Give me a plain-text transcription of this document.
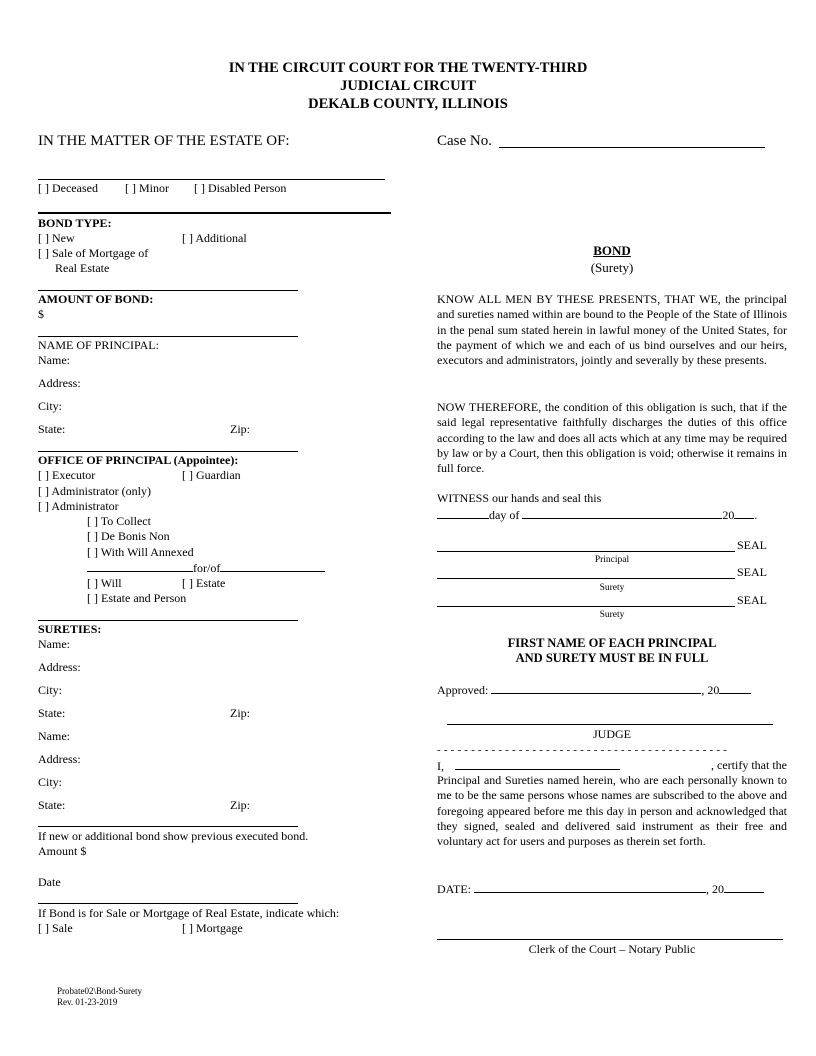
IN THE CIRCUIT COURT FOR THE TWENTY-THIRD
JUDICIAL CIRCUIT
DEKALB COUNTY, ILLINOIS
IN THE MATTER OF THE ESTATE OF:	Case No.
[ ] Deceased [ ] Minor [ ] Disabled Person
BOND TYPE:
[ ] New	[ ] Additional
[ ] Sale of Mortgage of
Real Estate
AMOUNT OF BOND:
$
NAME OF PRINCIPAL:
Name:
Address:
City:
State:	Zip:
OFFICE OF PRINCIPAL (Appointee):
[ ] Executor	[ ] Guardian
[ ] Administrator (only)
[ ] Administrator
[ ] To Collect
[ ] De Bonis Non
[ ] With Will Annexed
for/of
[ ] Will	[ ] Estate
[ ] Estate and Person
SURETIES:
Name:
Address:
City:
State:	Zip:
Name:
Address:
City:
State:	Zip:
If new or additional bond show previous executed bond.
Amount $
Date
If Bond is for Sale or Mortgage of Real Estate, indicate which:
[ ] Sale	[ ] Mortgage
Probate02\Bond-Surety
Rev. 01-23-2019
BOND
(Surety)
KNOW ALL MEN BY THESE PRESENTS, THAT WE, the principal and sureties named within are bound to the People of the State of Illinois in the penal sum stated herein in lawful money of the United States, for the payment of which we and each of us bind ourselves and our heirs, executors and administrators, jointly and severally by these presents.
NOW THEREFORE, the condition of this obligation is such, that if the said legal representative faithfully discharges the duties of this office according to the law and does all acts which at any time may be required by law or by a Court, then this obligation is void; otherwise it remains in full force.
WITNESS our hands and seal this
day of	20 .
SEAL
Principal
SEAL
Surety
SEAL
Surety
FIRST NAME OF EACH PRINCIPAL
AND SURETY MUST BE IN FULL
Approved:	, 20
JUDGE
- - - - - - - - - - - - - - - - - - - - - - - - - - - - - - - - - - - - - - - - - - -
I,	, certify that the
Principal and Sureties named herein, who are each personally known to me to be the same persons whose names are subscribed to the above and foregoing appeared before me this day in person and acknowledged that they signed, sealed and delivered said instrument as their free and voluntary act for users and purposes as therein set forth.
DATE:	, 20
Clerk of the Court – Notary Public
